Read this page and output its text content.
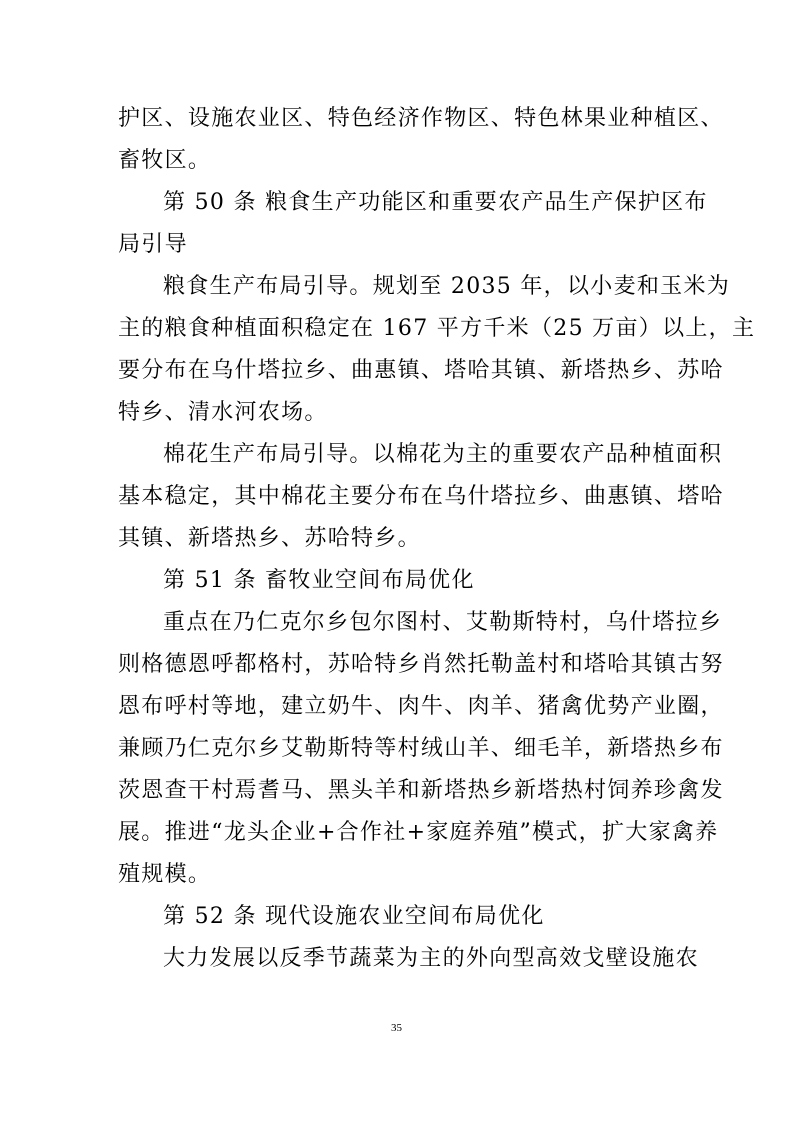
护区、设施农业区、特色经济作物区、特色林果业种植区、
畜牧区。
第 50 条 粮食生产功能区和重要农产品生产保护区布
局引导
粮食生产布局引导。规划至 2035 年，以小麦和玉米为
主的粮食种植面积稳定在 167 平方千米（25 万亩）以上，主
要分布在乌什塔拉乡、曲惠镇、塔哈其镇、新塔热乡、苏哈
特乡、清水河农场。
棉花生产布局引导。以棉花为主的重要农产品种植面积
基本稳定，其中棉花主要分布在乌什塔拉乡、曲惠镇、塔哈
其镇、新塔热乡、苏哈特乡。
第 51 条 畜牧业空间布局优化
重点在乃仁克尔乡包尔图村、艾勒斯特村，乌什塔拉乡
则格德恩呼都格村，苏哈特乡肖然托勒盖村和塔哈其镇古努
恩布呼村等地，建立奶牛、肉牛、肉羊、猪禽优势产业圈，
兼顾乃仁克尔乡艾勒斯特等村绒山羊、细毛羊，新塔热乡布
茨恩查干村焉耆马、黑头羊和新塔热乡新塔热村饲养珍禽发
展。推进“龙头企业+合作社+家庭养殖”模式，扩大家禽养
殖规模。
第 52 条 现代设施农业空间布局优化
大力发展以反季节蔬菜为主的外向型高效戈壁设施农
35
